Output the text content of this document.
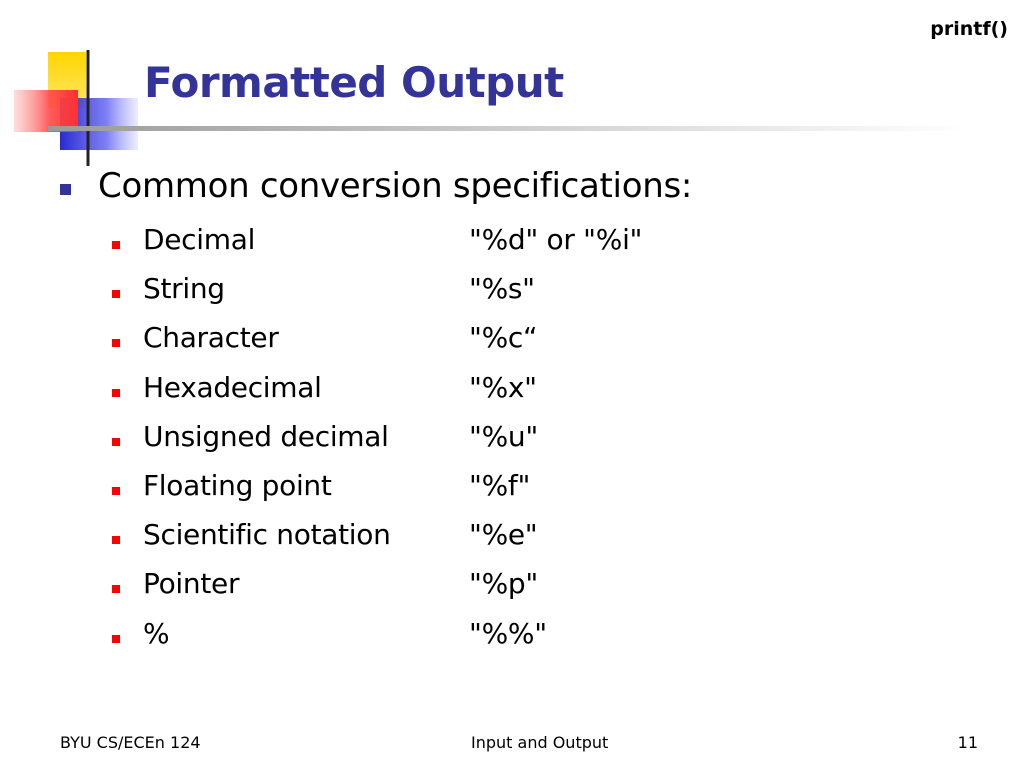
printf()
Formatted Output
Common conversion specifications:
Decimal	"%d" or "%i"
String	"%s"
Character	"%c“
Hexadecimal	"%x"
Unsigned decimal	"%u"
Floating point	"%f"
Scientific notation	"%e"
Pointer	"%p"
%	"%%"
BYU CS/ECEn 124	Input and Output	11
